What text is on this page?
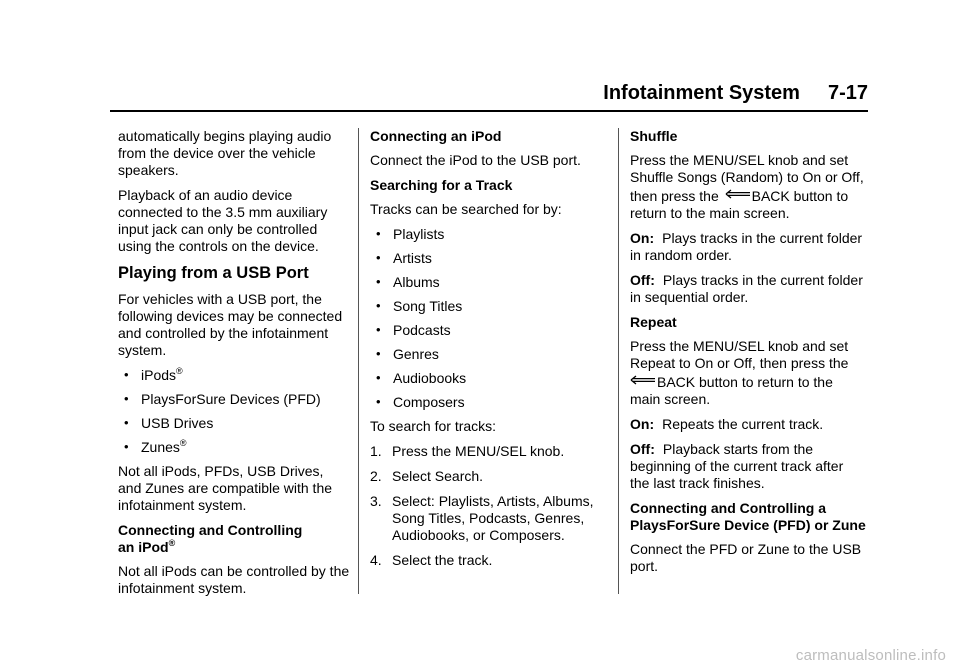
Infotainment System 7-17

automatically begins playing audio from the device over the vehicle speakers.

Playback of an audio device connected to the 3.5 mm auxiliary input jack can only be controlled using the controls on the device.

Playing from a USB Port

For vehicles with a USB port, the following devices may be connected and controlled by the infotainment system.

• iPods®
• PlaysForSure Devices (PFD)
• USB Drives
• Zunes®

Not all iPods, PFDs, USB Drives, and Zunes are compatible with the infotainment system.

Connecting and Controlling
an iPod®

Not all iPods can be controlled by the infotainment system.

Connecting an iPod

Connect the iPod to the USB port.

Searching for a Track

Tracks can be searched for by:

• Playlists
• Artists
• Albums
• Song Titles
• Podcasts
• Genres
• Audiobooks
• Composers

To search for tracks:

1. Press the MENU/SEL knob.
2. Select Search.
3. Select: Playlists, Artists, Albums, Song Titles, Podcasts, Genres, Audiobooks, or Composers.
4. Select the track.
Shuffle

Press the MENU/SEL knob and set Shuffle Songs (Random) to On or Off, then press the BACK button to return to the main screen.

On: Plays tracks in the current folder in random order.

Off: Plays tracks in the current folder in sequential order.

Repeat

Press the MENU/SEL knob and set Repeat to On or Off, then press the
BACK button to return to the main screen.

On: Repeats the current track.

Off: Playback starts from the beginning of the current track after the last track finishes.

Connecting and Controlling a PlaysForSure Device (PFD) or Zune

Connect the PFD or Zune to the USB port.

carmanualsonline.info
